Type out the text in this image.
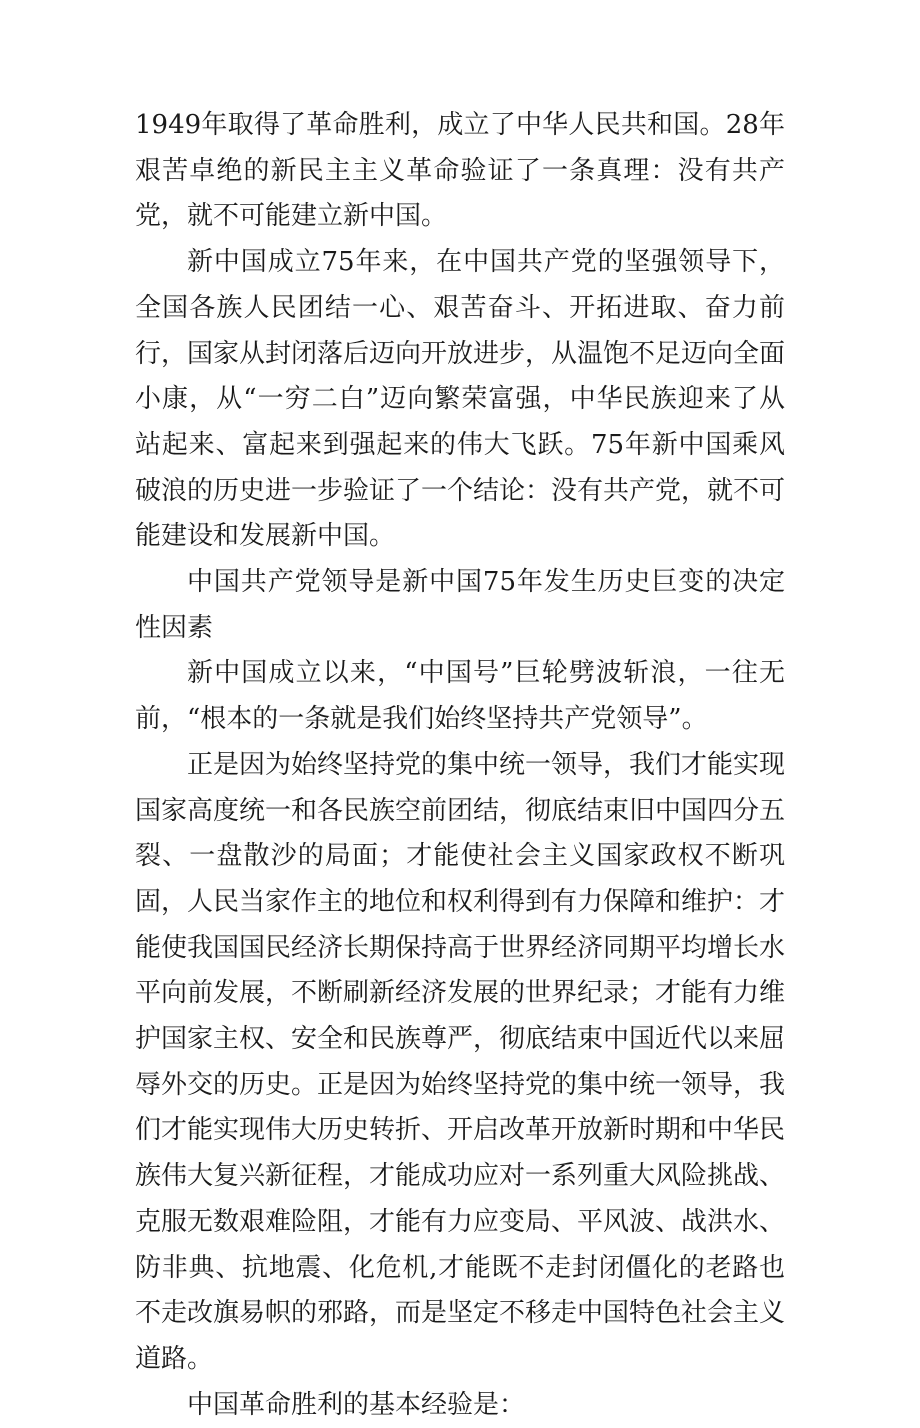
1949年取得了革命胜利，成立了中华人民共和国。28年艰苦卓绝的新民主主义革命验证了一条真理：没有共产党，就不可能建立新中国。

新中国成立75年来，在中国共产党的坚强领导下，全国各族人民团结一心、艰苦奋斗、开拓进取、奋力前行，国家从封闭落后迈向开放进步，从温饱不足迈向全面小康，从“一穷二白”迈向繁荣富强，中华民族迎来了从站起来、富起来到强起来的伟大飞跃。75年新中国乘风破浪的历史进一步验证了一个结论：没有共产党，就不可能建设和发展新中国。

中国共产党领导是新中国75年发生历史巨变的决定性因素

新中国成立以来，“中国号”巨轮劈波斩浪，一往无前，“根本的一条就是我们始终坚持共产党领导”。

正是因为始终坚持党的集中统一领导，我们才能实现国家高度统一和各民族空前团结，彻底结束旧中国四分五裂、一盘散沙的局面；才能使社会主义国家政权不断巩固，人民当家作主的地位和权利得到有力保障和维护：才能使我国国民经济长期保持高于世界经济同期平均增长水平向前发展，不断刷新经济发展的世界纪录；才能有力维护国家主权、安全和民族尊严，彻底结束中国近代以来屈辱外交的历史。正是因为始终坚持党的集中统一领导，我们才能实现伟大历史转折、开启改革开放新时期和中华民族伟大复兴新征程，才能成功应对一系列重大风险挑战、克服无数艰难险阻，才能有力应变局、平风波、战洪水、防非典、抗地震、化危机,才能既不走封闭僵化的老路也不走改旗易帜的邪路，而是坚定不移走中国特色社会主义道路。

中国革命胜利的基本经验是：
